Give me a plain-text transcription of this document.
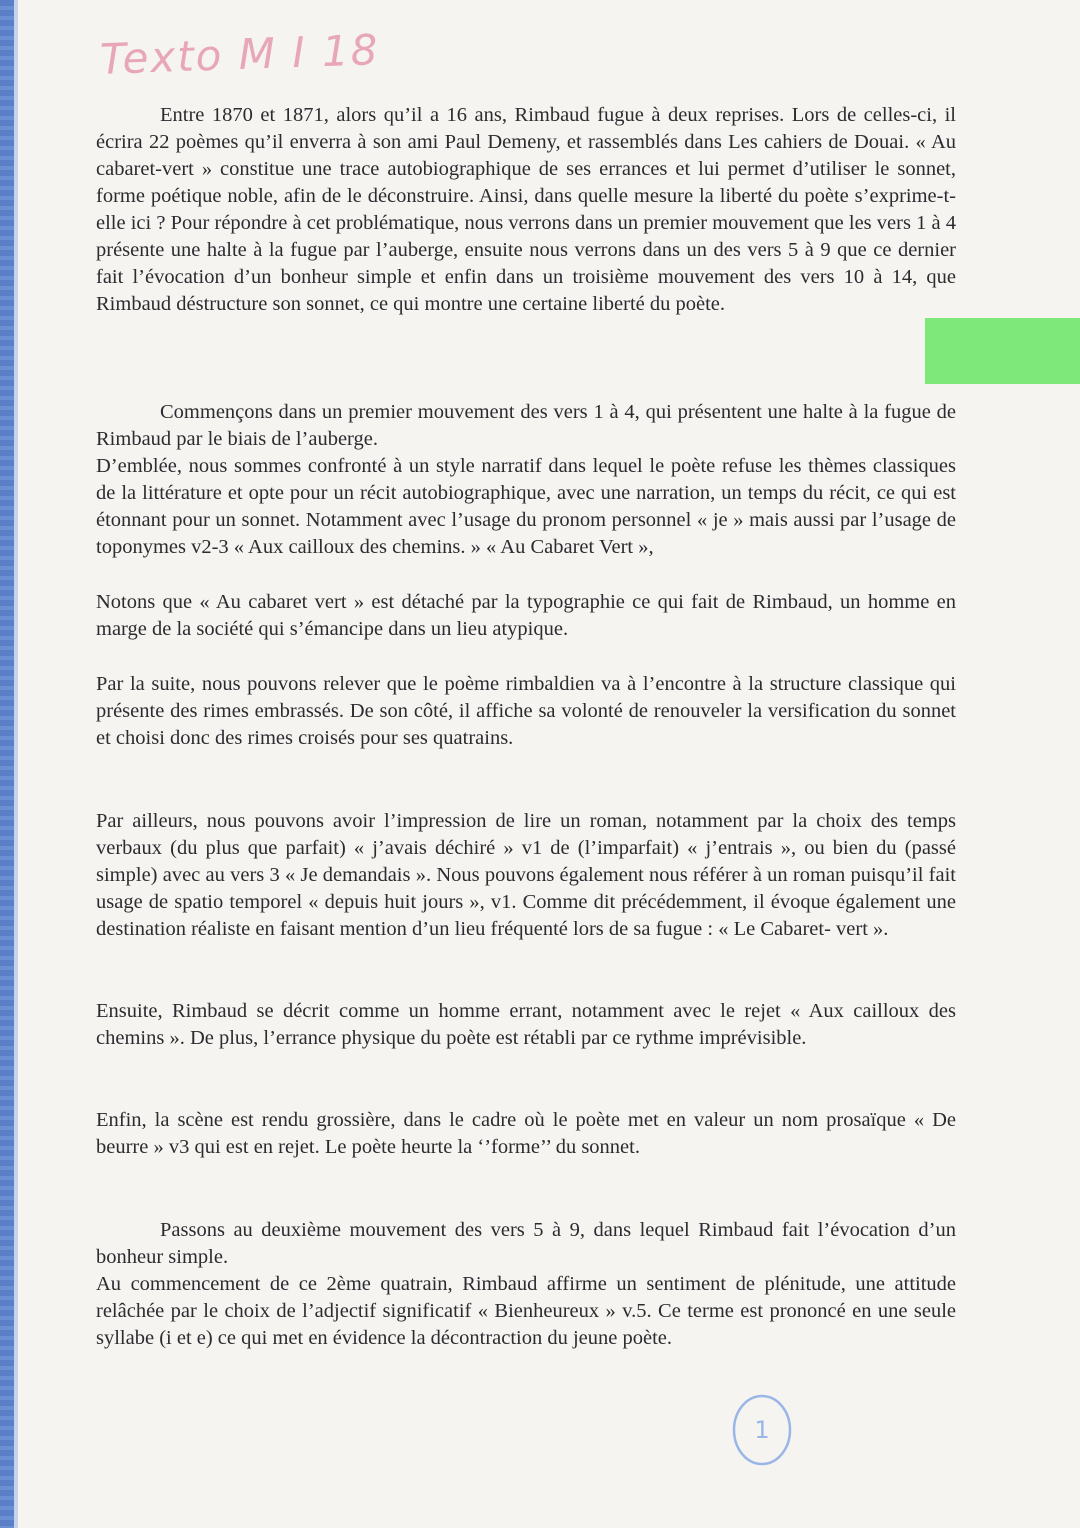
Texto M I 18

Entre 1870 et 1871, alors qu’il a 16 ans, Rimbaud fugue à deux reprises. Lors de celles-ci, il écrira 22 poèmes qu’il enverra à son ami Paul Demeny, et rassemblés dans Les cahiers de Douai. « Au cabaret-vert » constitue une trace autobiographique de ses errances et lui permet d’utiliser le sonnet, forme poétique noble, afin de le déconstruire. Ainsi, dans quelle mesure la liberté du poète s’exprime-t-elle ici ? Pour répondre à cet problématique, nous verrons dans un premier mouvement que les vers 1 à 4 présente une halte à la fugue par l’auberge, ensuite nous verrons dans un des vers 5 à 9 que ce dernier fait l’évocation d’un bonheur simple et enfin dans un troisième mouvement des vers 10 à 14, que Rimbaud déstructure son sonnet, ce qui montre une certaine liberté du poète.

Commençons dans un premier mouvement des vers 1 à 4, qui présentent une halte à la fugue de Rimbaud par le biais de l’auberge.

D’emblée, nous sommes confronté à un style narratif dans lequel le poète refuse les thèmes classiques de la littérature et opte pour un récit autobiographique, avec une narration, un temps du récit, ce qui est étonnant pour un sonnet. Notamment avec l’usage du pronom personnel « je » mais aussi par l’usage de toponymes v2-3 « Aux cailloux des chemins. » « Au Cabaret Vert »,

Notons que « Au cabaret vert » est détaché par la typographie ce qui fait de Rimbaud, un homme en marge de la société qui s’émancipe dans un lieu atypique.

Par la suite, nous pouvons relever que le poème rimbaldien va à l’encontre à la structure classique qui présente des rimes embrassés. De son côté, il affiche sa volonté de renouveler la versification du sonnet et choisi donc des rimes croisés pour ses quatrains.

Par ailleurs, nous pouvons avoir l’impression de lire un roman, notamment par la choix des temps verbaux (du plus que parfait) « j’avais déchiré » v1 de (l’imparfait) « j’entrais », ou bien du (passé simple) avec au vers 3 « Je demandais ». Nous pouvons également nous référer à un roman puisqu’il fait usage de spatio temporel « depuis huit jours », v1. Comme dit précédemment, il évoque également une destination réaliste en faisant mention d’un lieu fréquenté lors de sa fugue : « Le Cabaret- vert ».

Ensuite, Rimbaud se décrit comme un homme errant, notamment avec le rejet « Aux cailloux des chemins ». De plus, l’errance physique du poète est rétabli par ce rythme imprévisible.

Enfin, la scène est rendu grossière, dans le cadre où le poète met en valeur un nom prosaïque « De beurre » v3 qui est en rejet. Le poète heurte la ‘’forme’’ du sonnet.

Passons au deuxième mouvement des vers 5 à 9, dans lequel Rimbaud fait l’évocation d’un bonheur simple.

Au commencement de ce 2ème quatrain, Rimbaud affirme un sentiment de plénitude, une attitude relâchée par le choix de l’adjectif significatif « Bienheureux » v.5. Ce terme est prononcé en une seule syllabe (i et e) ce qui met en évidence la décontraction du jeune poète.

1
